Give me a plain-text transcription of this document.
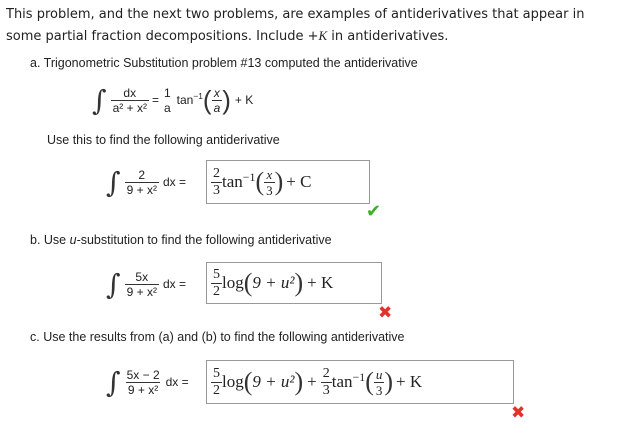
This problem, and the next two problems, are examples of antiderivatives that appear in some partial fraction decompositions. Include +K in antiderivatives.
a. Trigonometric Substitution problem #13 computed the antiderivative
∫ $\frac{dx}{\text{a² + x²}} = \frac{1}{a} \tan^{-1}$ ( $\frac{x}{a}$ ) + K
Use this to find the following antiderivative
∫ $\frac{2}{\text{9 + x²}}$ dx = $\frac{2}{3} \tan^{-1}$ ( $\frac{x}{3}$ ) + C
✔
b. Use u-substitution to find the following antiderivative
∫ $\frac{5x}{\text{9 + x²}}$ dx = $\frac{5}{2}$ log ( 9 + u² ) + K
✖
c. Use the results from (a) and (b) to find the following antiderivative
∫ $\frac{5x - 2}{\text{9 + x²}}$ dx = $\frac{5}{2}$ log ( 9 + u² ) + $\frac{2}{3} \tan^{-1}$ ( $\frac{u}{3}$ ) + K
✖
